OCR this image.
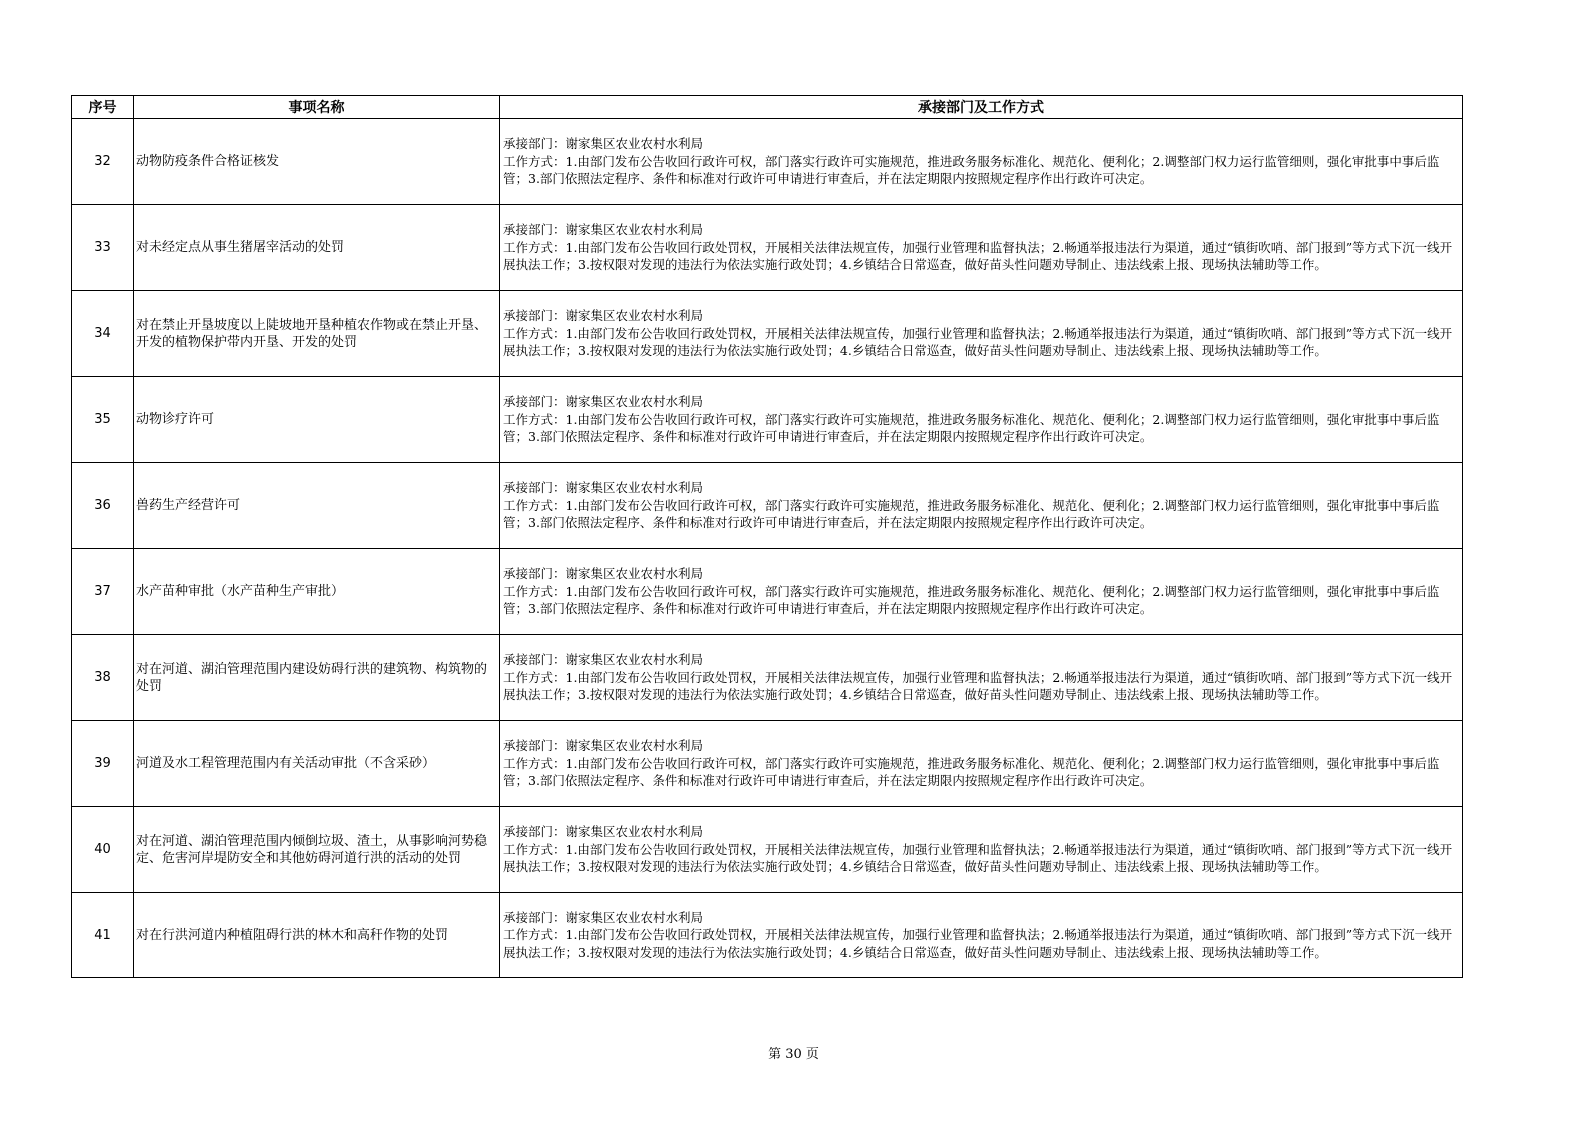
序号	事项名称	承接部门及工作方式
32	动物防疫条件合格证核发	承接部门：谢家集区农业农村水利局
工作方式：1.由部门发布公告收回行政许可权，部门落实行政许可实施规范，推进政务服务标准化、规范化、便利化；2.调整部门权力运行监管细则，强化审批事中事后监管；3.部门依照法定程序、条件和标准对行政许可申请进行审查后，并在法定期限内按照规定程序作出行政许可决定。

33	对未经定点从事生猪屠宰活动的处罚	承接部门：谢家集区农业农村水利局
工作方式：1.由部门发布公告收回行政处罚权，开展相关法律法规宣传，加强行业管理和监督执法；2.畅通举报违法行为渠道，通过“镇街吹哨、部门报到”等方式下沉一线开展执法工作；3.按权限对发现的违法行为依法实施行政处罚；4.乡镇结合日常巡查，做好苗头性问题劝导制止、违法线索上报、现场执法辅助等工作。

34	对在禁止开垦坡度以上陡坡地开垦种植农作物或在禁止开垦、开发的植物保护带内开垦、开发的处罚	承接部门：谢家集区农业农村水利局
工作方式：1.由部门发布公告收回行政处罚权，开展相关法律法规宣传，加强行业管理和监督执法；2.畅通举报违法行为渠道，通过“镇街吹哨、部门报到”等方式下沉一线开展执法工作；3.按权限对发现的违法行为依法实施行政处罚；4.乡镇结合日常巡查，做好苗头性问题劝导制止、违法线索上报、现场执法辅助等工作。

35	动物诊疗许可	承接部门：谢家集区农业农村水利局
工作方式：1.由部门发布公告收回行政许可权，部门落实行政许可实施规范，推进政务服务标准化、规范化、便利化；2.调整部门权力运行监管细则，强化审批事中事后监管；3.部门依照法定程序、条件和标准对行政许可申请进行审查后，并在法定期限内按照规定程序作出行政许可决定。

36	兽药生产经营许可	承接部门：谢家集区农业农村水利局
工作方式：1.由部门发布公告收回行政许可权，部门落实行政许可实施规范，推进政务服务标准化、规范化、便利化；2.调整部门权力运行监管细则，强化审批事中事后监管；3.部门依照法定程序、条件和标准对行政许可申请进行审查后，并在法定期限内按照规定程序作出行政许可决定。

37	水产苗种审批（水产苗种生产审批）	承接部门：谢家集区农业农村水利局
工作方式：1.由部门发布公告收回行政许可权，部门落实行政许可实施规范，推进政务服务标准化、规范化、便利化；2.调整部门权力运行监管细则，强化审批事中事后监管；3.部门依照法定程序、条件和标准对行政许可申请进行审查后，并在法定期限内按照规定程序作出行政许可决定。

38	对在河道、湖泊管理范围内建设妨碍行洪的建筑物、构筑物的处罚	承接部门：谢家集区农业农村水利局
工作方式：1.由部门发布公告收回行政处罚权，开展相关法律法规宣传，加强行业管理和监督执法；2.畅通举报违法行为渠道，通过“镇街吹哨、部门报到”等方式下沉一线开展执法工作；3.按权限对发现的违法行为依法实施行政处罚；4.乡镇结合日常巡查，做好苗头性问题劝导制止、违法线索上报、现场执法辅助等工作。

39	河道及水工程管理范围内有关活动审批（不含采砂）	承接部门：谢家集区农业农村水利局
工作方式：1.由部门发布公告收回行政许可权，部门落实行政许可实施规范，推进政务服务标准化、规范化、便利化；2.调整部门权力运行监管细则，强化审批事中事后监管；3.部门依照法定程序、条件和标准对行政许可申请进行审查后，并在法定期限内按照规定程序作出行政许可决定。

40	对在河道、湖泊管理范围内倾倒垃圾、渣土，从事影响河势稳定、危害河岸堤防安全和其他妨碍河道行洪的活动的处罚	承接部门：谢家集区农业农村水利局
工作方式：1.由部门发布公告收回行政处罚权，开展相关法律法规宣传，加强行业管理和监督执法；2.畅通举报违法行为渠道，通过“镇街吹哨、部门报到”等方式下沉一线开展执法工作；3.按权限对发现的违法行为依法实施行政处罚；4.乡镇结合日常巡查，做好苗头性问题劝导制止、违法线索上报、现场执法辅助等工作。

41	对在行洪河道内种植阻碍行洪的林木和高秆作物的处罚	承接部门：谢家集区农业农村水利局
工作方式：1.由部门发布公告收回行政处罚权，开展相关法律法规宣传，加强行业管理和监督执法；2.畅通举报违法行为渠道，通过“镇街吹哨、部门报到”等方式下沉一线开展执法工作；3.按权限对发现的违法行为依法实施行政处罚；4.乡镇结合日常巡查，做好苗头性问题劝导制止、违法线索上报、现场执法辅助等工作。
第 30 页
